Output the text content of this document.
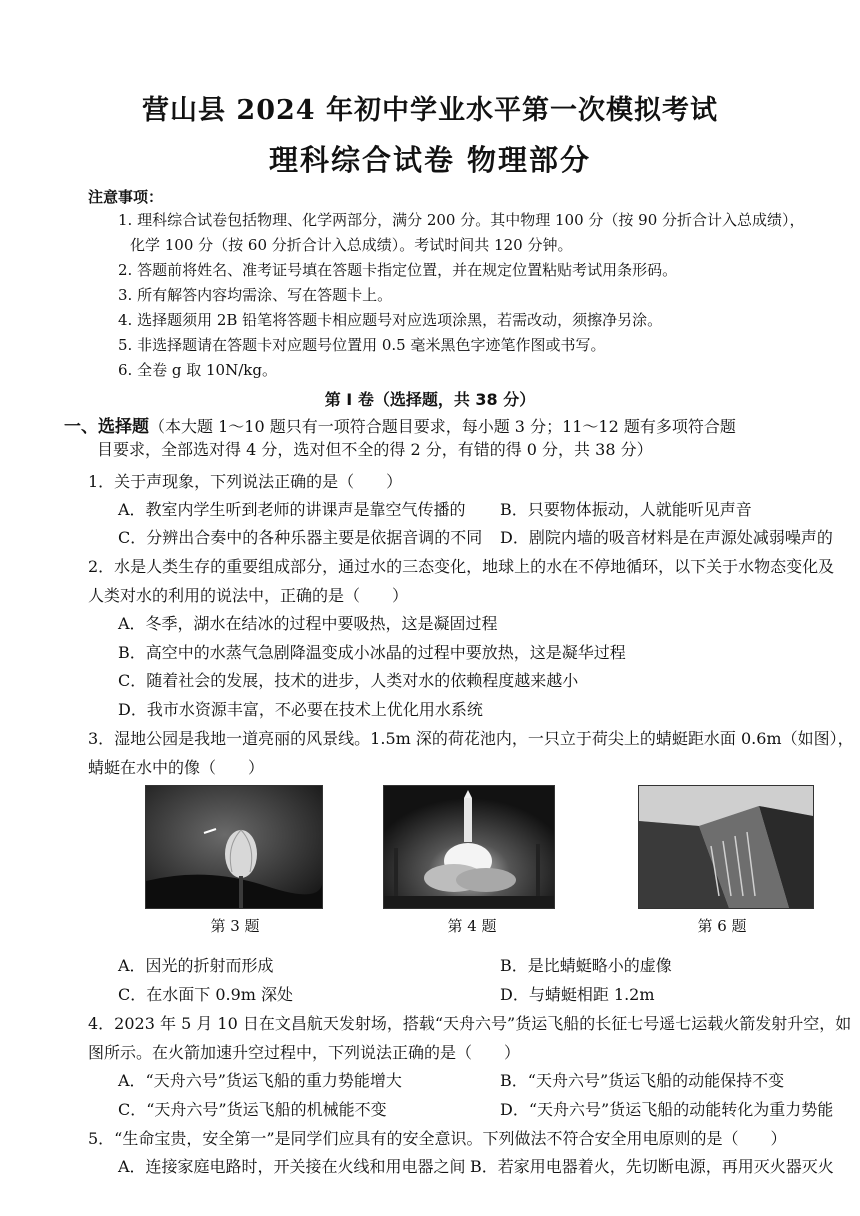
营山县 2024 年初中学业水平第一次模拟考试
理科综合试卷 物理部分
注意事项：
1. 理科综合试卷包括物理、化学两部分，满分 200 分。其中物理 100 分（按 90 分折合计入总成绩），
化学 100 分（按 60 分折合计入总成绩）。考试时间共 120 分钟。
2. 答题前将姓名、准考证号填在答题卡指定位置，并在规定位置粘贴考试用条形码。
3. 所有解答内容均需涂、写在答题卡上。
4. 选择题须用 2B 铅笔将答题卡相应题号对应选项涂黑，若需改动，须擦净另涂。
5. 非选择题请在答题卡对应题号位置用 0.5 毫米黑色字迹笔作图或书写。
6. 全卷 g 取 10N/kg。
第 I 卷（选择题，共 38 分）
一、选择题（本大题 1～10 题只有一项符合题目要求，每小题 3 分；11～12 题有多项符合题
目要求，全部选对得 4 分，选对但不全的得 2 分，有错的得 0 分，共 38 分）
1．关于声现象，下列说法正确的是（　　）
A．教室内学生听到老师的讲课声是靠空气传播的 B．只要物体振动，人就能听见声音
C．分辨出合奏中的各种乐器主要是依据音调的不同 D．剧院内墙的吸音材料是在声源处减弱噪声的
2．水是人类生存的重要组成部分，通过水的三态变化，地球上的水在不停地循环，以下关于水物态变化及
人类对水的利用的说法中，正确的是（　　）
A．冬季，湖水在结冰的过程中要吸热，这是凝固过程
B．高空中的水蒸气急剧降温变成小冰晶的过程中要放热，这是凝华过程
C．随着社会的发展，技术的进步，人类对水的依赖程度越来越小
D．我市水资源丰富，不必要在技术上优化用水系统
3．湿地公园是我地一道亮丽的风景线。1.5m 深的荷花池内，一只立于荷尖上的蜻蜓距水面 0.6m（如图），
蜻蜓在水中的像（　　）
第 3 题	第 4 题	第 6 题
A．因光的折射而形成	B．是比蜻蜓略小的虚像
C．在水面下 0.9m 深处	D．与蜻蜓相距 1.2m
4．2023 年 5 月 10 日在文昌航天发射场，搭载“天舟六号”货运飞船的长征七号遥七运载火箭发射升空，如
图所示。在火箭加速升空过程中，下列说法正确的是（　　）
A．“天舟六号”货运飞船的重力势能增大	B．“天舟六号”货运飞船的动能保持不变
C．“天舟六号”货运飞船的机械能不变	D．“天舟六号”货运飞船的动能转化为重力势能
5．“生命宝贵，安全第一”是同学们应具有的安全意识。下列做法不符合安全用电原则的是（　　）
A．连接家庭电路时，开关接在火线和用电器之间 B．若家用电器着火，先切断电源，再用灭火器灭火
